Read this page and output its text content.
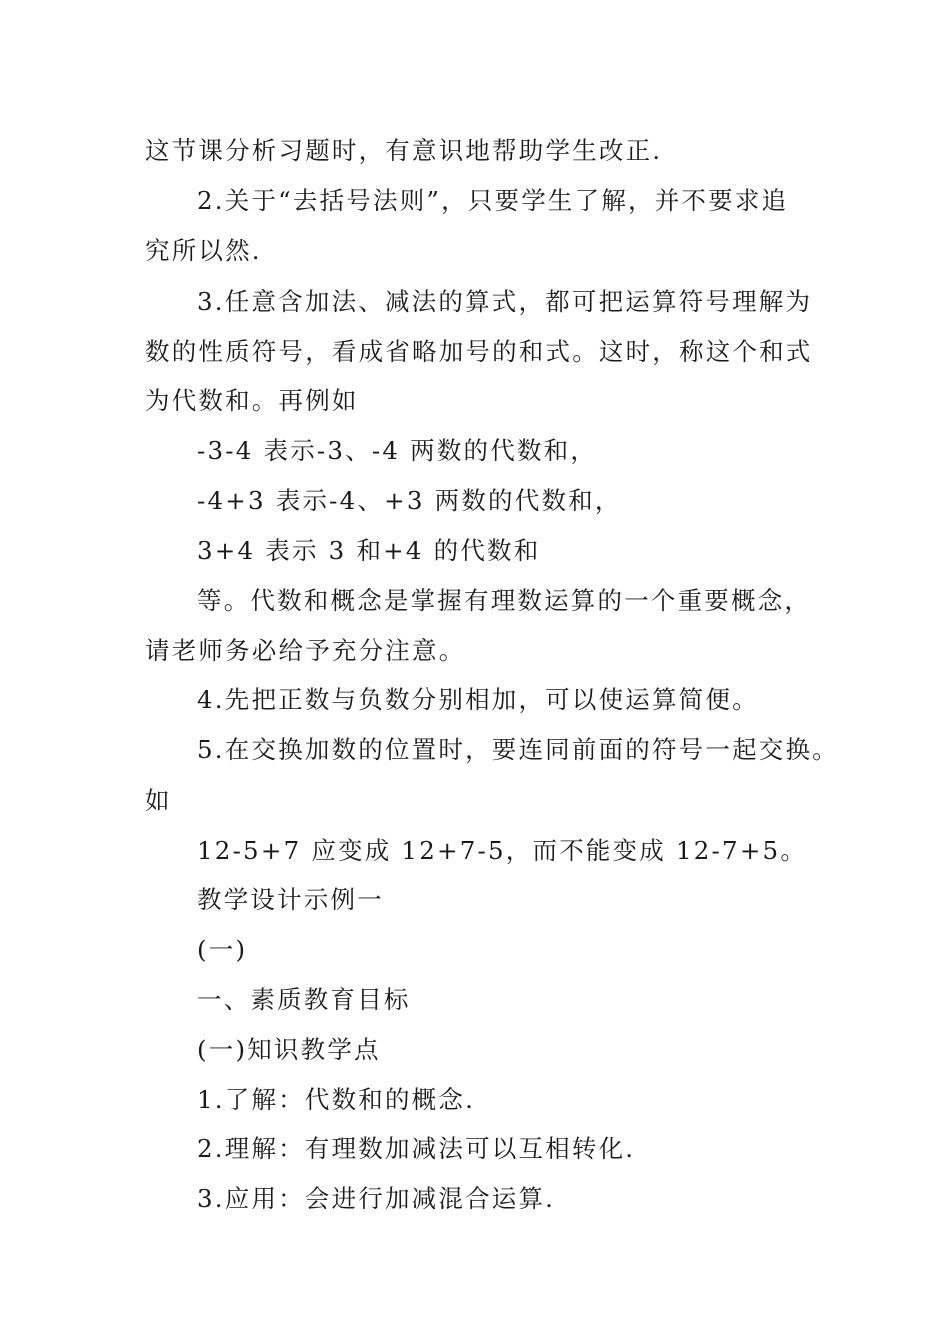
这节课分析习题时，有意识地帮助学生改正.
2.关于“去括号法则”，只要学生了解，并不要求追
究所以然.
3.任意含加法、减法的算式，都可把运算符号理解为
数的性质符号，看成省略加号的和式。这时，称这个和式
为代数和。再例如
-3-4 表示-3、-4 两数的代数和，
-4+3 表示-4、+3 两数的代数和，
3+4 表示 3 和+4 的代数和
等。代数和概念是掌握有理数运算的一个重要概念，
请老师务必给予充分注意。
4.先把正数与负数分别相加，可以使运算简便。
5.在交换加数的位置时，要连同前面的符号一起交换。
如
12-5+7 应变成 12+7-5，而不能变成 12-7+5。
教学设计示例一
(一)
一、素质教育目标
(一)知识教学点
1.了解：代数和的概念.
2.理解：有理数加减法可以互相转化.
3.应用：会进行加减混合运算.
